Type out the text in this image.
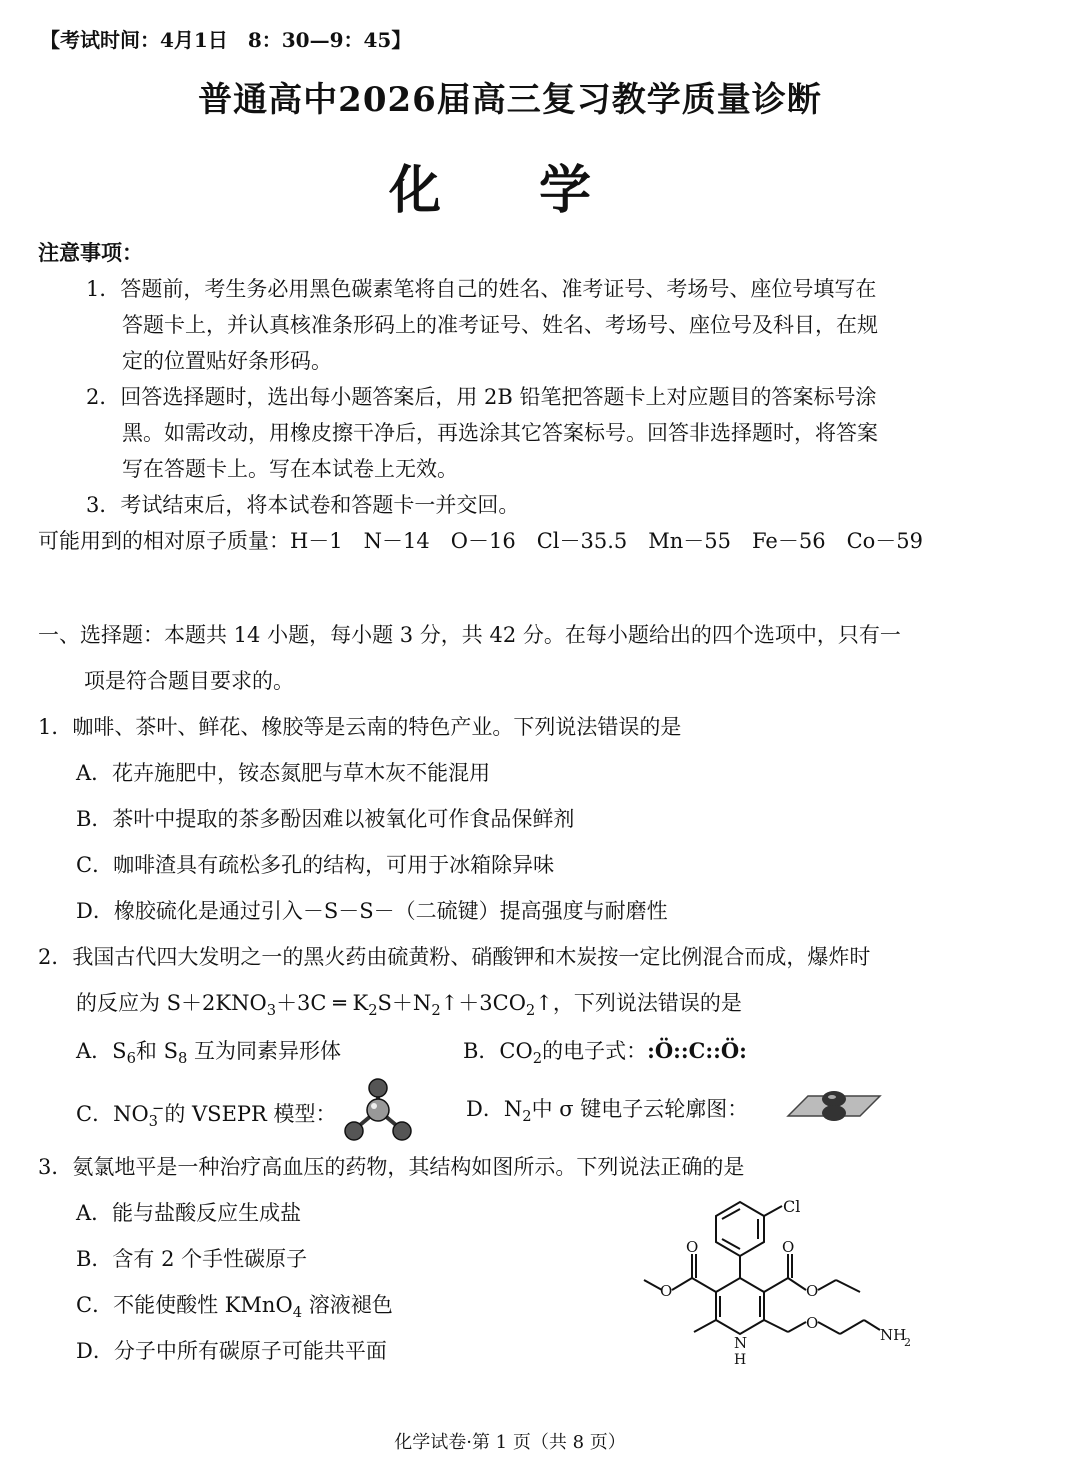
【考试时间：4月1日　8：30—9：45】
普通高中2026届高三复习教学质量诊断
化 学
注意事项：
1．答题前，考生务必用黑色碳素笔将自己的姓名、准考证号、考场号、座位号填写在
答题卡上，并认真核准条形码上的准考证号、姓名、考场号、座位号及科目，在规
定的位置贴好条形码。
2．回答选择题时，选出每小题答案后，用 2B 铅笔把答题卡上对应题目的答案标号涂
黑。如需改动，用橡皮擦干净后，再选涂其它答案标号。回答非选择题时，将答案
写在答题卡上。写在本试卷上无效。
3．考试结束后，将本试卷和答题卡一并交回。
可能用到的相对原子质量：H－1　N－14　O－16　Cl－35.5　Mn－55　Fe－56　Co－59
一、选择题：本题共 14 小题，每小题 3 分，共 42 分。在每小题给出的四个选项中，只有一
项是符合题目要求的。
1．咖啡、茶叶、鲜花、橡胶等是云南的特色产业。下列说法错误的是
A．花卉施肥中，铵态氮肥与草木灰不能混用
B．茶叶中提取的茶多酚因难以被氧化可作食品保鲜剂
C．咖啡渣具有疏松多孔的结构，可用于冰箱除异味
D．橡胶硫化是通过引入－S－S－（二硫键）提高强度与耐磨性
2．我国古代四大发明之一的黑火药由硫黄粉、硝酸钾和木炭按一定比例混合而成，爆炸时
的反应为 $S+2KNO_3+3C$ ═ $K_2S+N_2↑+3CO_2↑$，下列说法错误的是
A．$S_6$和 $S_8$ 互为同素异形体	B．$CO_2$的电子式：:Ö::C::Ö:
C．$NO_3^-$的 VSEPR 模型：	D．$N_2$中 σ 键电子云轮廓图：
3．氨氯地平是一种治疗高血压的药物，其结构如图所示。下列说法正确的是
A．能与盐酸反应生成盐
B．含有 2 个手性碳原子
C．不能使酸性 KMnO$_4$ 溶液褪色
D．分子中所有碳原子可能共平面
Cl
O	O
O	O
O
N
H
NH
2
化学试卷·第 1 页（共 8 页）
